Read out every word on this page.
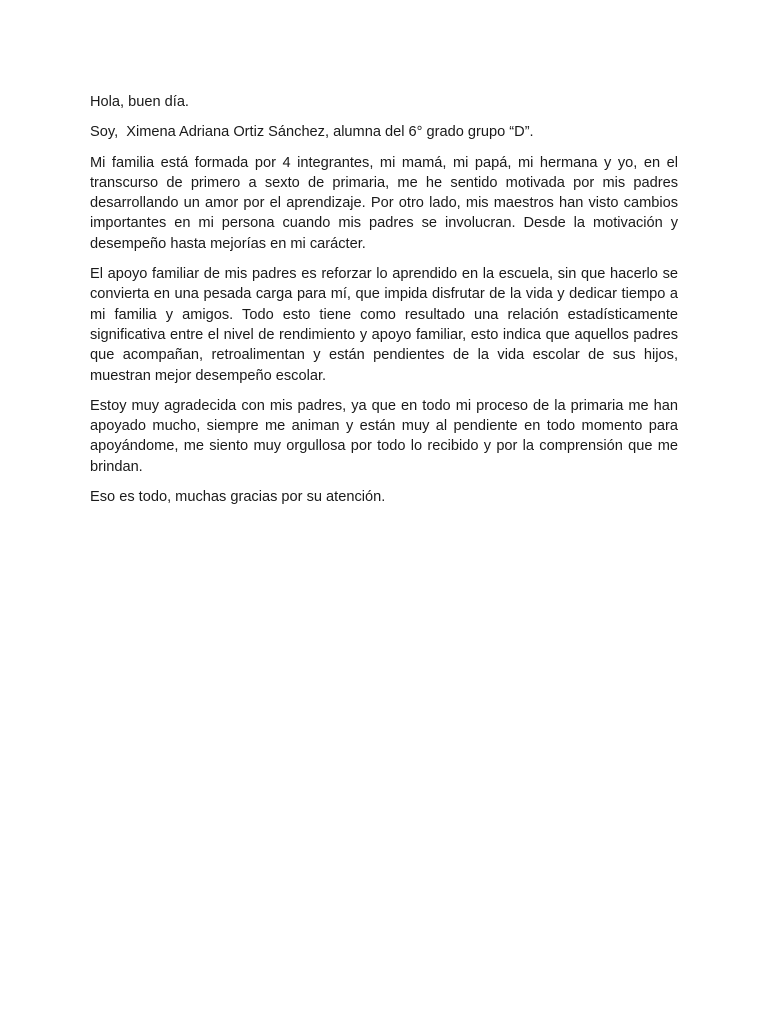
Hola, buen día.

Soy,  Ximena Adriana Ortiz Sánchez, alumna del 6° grado grupo “D”.

Mi familia está formada por 4 integrantes, mi mamá, mi papá, mi hermana y yo, en el transcurso de primero a sexto de primaria, me he sentido motivada por mis padres desarrollando un amor por el aprendizaje. Por otro lado, mis maestros han visto cambios importantes en mi persona cuando mis padres se involucran. Desde la motivación y desempeño hasta mejorías en mi carácter.

El apoyo familiar de mis padres es reforzar lo aprendido en la escuela, sin que hacerlo se convierta en una pesada carga para mí, que impida disfrutar de la vida y dedicar tiempo a mi familia y amigos. Todo esto tiene como resultado una relación estadísticamente significativa entre el nivel de rendimiento y apoyo familiar, esto indica que aquellos padres que acompañan, retroalimentan y están pendientes de la vida escolar de sus hijos, muestran mejor desempeño escolar.

Estoy muy agradecida con mis padres, ya que en todo mi proceso de la primaria me han apoyado mucho, siempre me animan y están muy al pendiente en todo momento para apoyándome, me siento muy orgullosa por todo lo recibido y por la comprensión que me brindan.

Eso es todo, muchas gracias por su atención.
